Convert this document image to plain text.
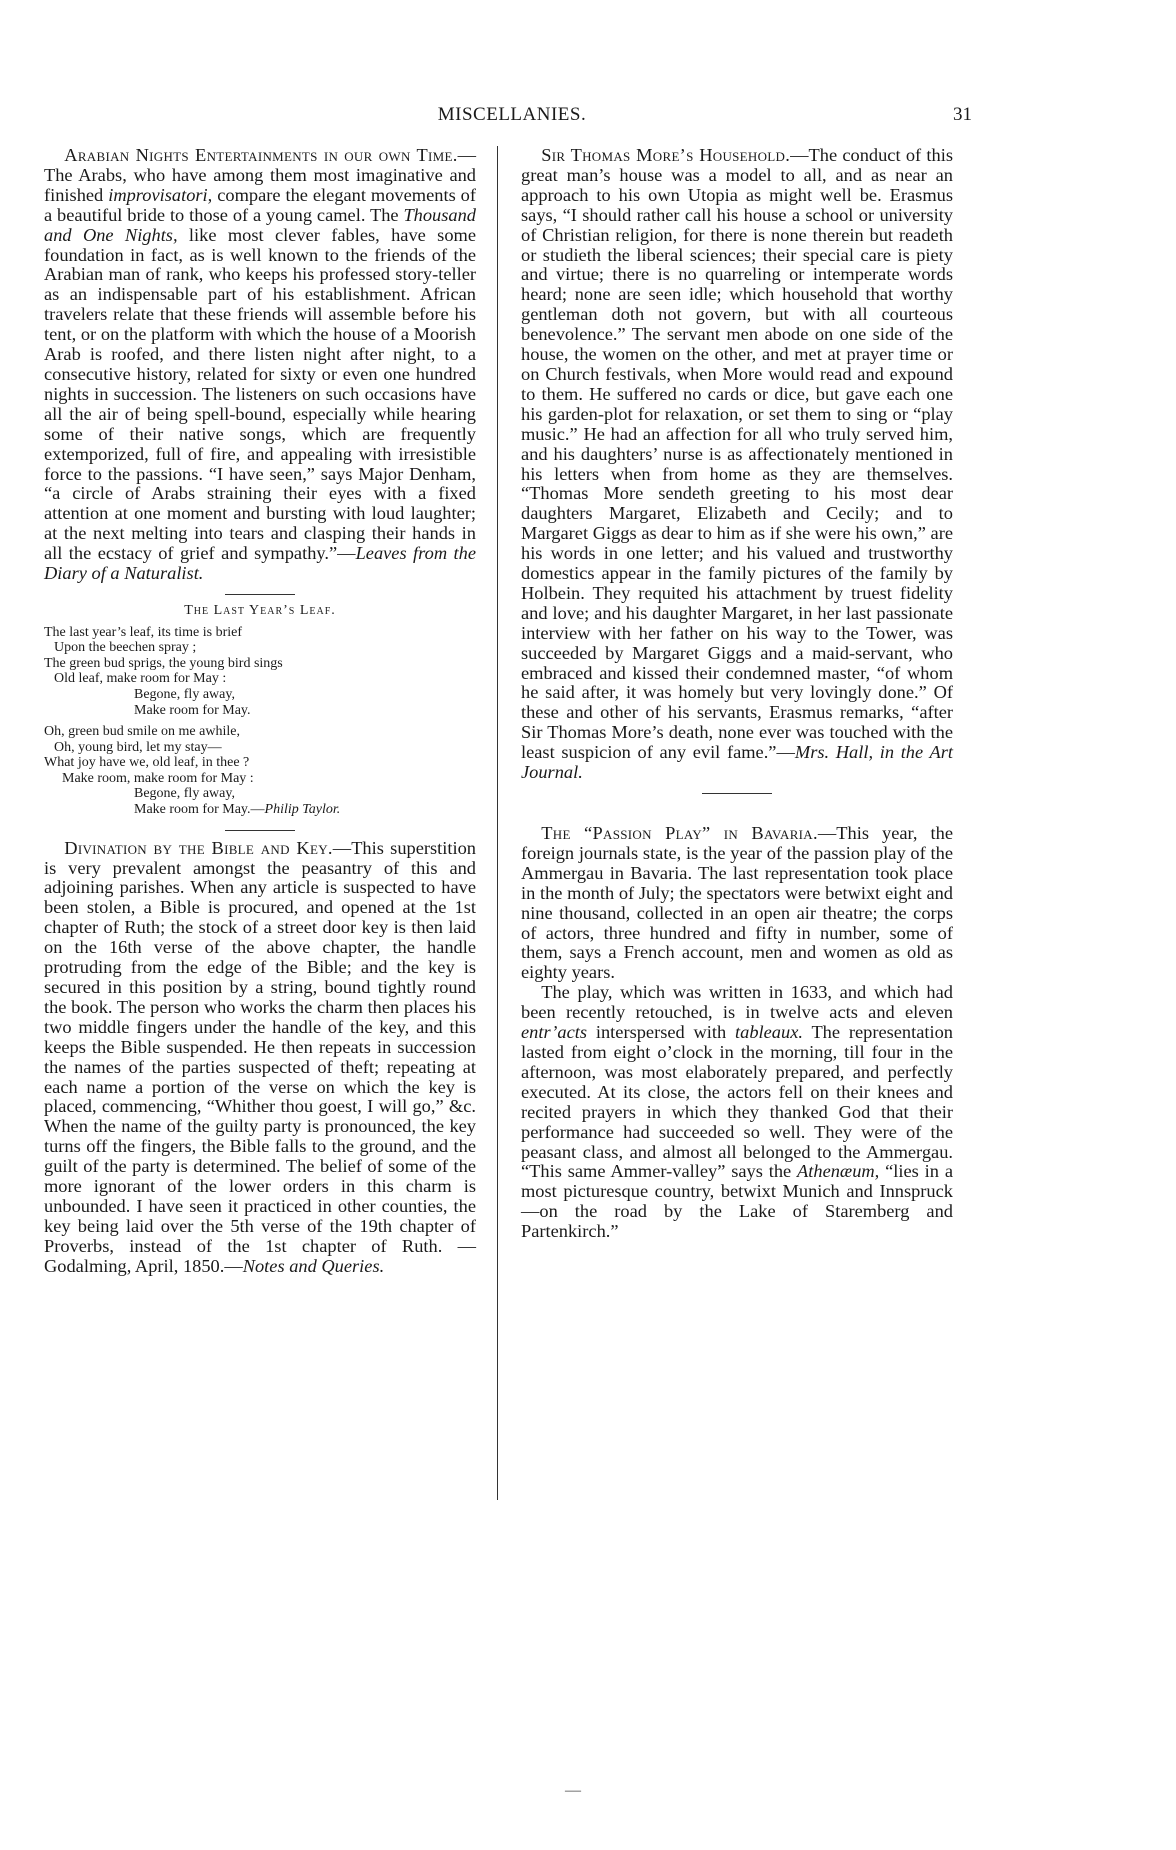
MISCELLANIES.	31

Arabian Nights Entertainments in our own Time.—The Arabs, who have among them most imaginative and finished improvisatori, compare the elegant movements of a beautiful bride to those of a young camel. The Thousand and One Nights, like most clever fables, have some foundation in fact, as is well known to the friends of the Arabian man of rank, who keeps his professed story-teller as an indispensable part of his establishment. African travelers relate that these friends will assemble before his tent, or on the platform with which the house of a Moorish Arab is roofed, and there listen night after night, to a consecutive history, related for sixty or even one hundred nights in succession. The listeners on such occasions have all the air of being spell-bound, especially while hearing some of their native songs, which are frequently extemporized, full of fire, and appealing with irresistible force to the passions. “I have seen,” says Major Denham, “a circle of Arabs straining their eyes with a fixed attention at one moment and bursting with loud laughter; at the next melting into tears and clasping their hands in all the ecstacy of grief and sympathy.”—Leaves from the Diary of a Naturalist.

The Last Year’s Leaf.
The last year’s leaf, its time is brief
Upon the beechen spray ;
The green bud sprigs, the young bird sings
Old leaf, make room for May :
Begone, fly away,
Make room for May.
Oh, green bud smile on me awhile,
Oh, young bird, let my stay—
What joy have we, old leaf, in thee ?
Make room, make room for May :
Begone, fly away,
Make room for May.—Philip Taylor.

Divination by the Bible and Key.—This superstition is very prevalent amongst the peasantry of this and adjoining parishes. When any article is suspected to have been stolen, a Bible is procured, and opened at the 1st chapter of Ruth; the stock of a street door key is then laid on the 16th verse of the above chapter, the handle protruding from the edge of the Bible; and the key is secured in this position by a string, bound tightly round the book. The person who works the charm then places his two middle fingers under the handle of the key, and this keeps the Bible suspended. He then repeats in succession the names of the parties suspected of theft; repeating at each name a portion of the verse on which the key is placed, commencing, “Whither thou goest, I will go,” &c. When the name of the guilty party is pronounced, the key turns off the fingers, the Bible falls to the ground, and the guilt of the party is determined. The belief of some of the more ignorant of the lower orders in this charm is unbounded. I have seen it practiced in other counties, the key being laid over the 5th verse of the 19th chapter of Proverbs, instead of the 1st chapter of Ruth. —Godalming, April, 1850.—Notes and Queries.

Sir Thomas More’s Household.—The conduct of this great man’s house was a model to all, and as near an approach to his own Utopia as might well be. Erasmus says, “I should rather call his house a school or university of Christian religion, for there is none therein but readeth or studieth the liberal sciences; their special care is piety and virtue; there is no quarreling or intemperate words heard; none are seen idle; which household that worthy gentleman doth not govern, but with all courteous benevolence.” The servant men abode on one side of the house, the women on the other, and met at prayer time or on Church festivals, when More would read and expound to them. He suffered no cards or dice, but gave each one his garden-plot for relaxation, or set them to sing or “play music.” He had an affection for all who truly served him, and his daughters’ nurse is as affectionately mentioned in his letters when from home as they are themselves. “Thomas More sendeth greeting to his most dear daughters Margaret, Elizabeth and Cecily; and to Margaret Giggs as dear to him as if she were his own,” are his words in one letter; and his valued and trustworthy domestics appear in the family pictures of the family by Holbein. They requited his attachment by truest fidelity and love; and his daughter Margaret, in her last passionate interview with her father on his way to the Tower, was succeeded by Margaret Giggs and a maid-servant, who embraced and kissed their condemned master, “of whom he said after, it was homely but very lovingly done.” Of these and other of his servants, Erasmus remarks, “after Sir Thomas More’s death, none ever was touched with the least suspicion of any evil fame.”—Mrs. Hall, in the Art Journal.

The “Passion Play” in Bavaria.—This year, the foreign journals state, is the year of the passion play of the Ammergau in Bavaria. The last representation took place in the month of July; the spectators were betwixt eight and nine thousand, collected in an open air theatre; the corps of actors, three hundred and fifty in number, some of them, says a French account, men and women as old as eighty years.

The play, which was written in 1633, and which had been recently retouched, is in twelve acts and eleven entr’acts interspersed with tableaux. The representation lasted from eight o’clock in the morning, till four in the afternoon, was most elaborately prepared, and perfectly executed. At its close, the actors fell on their knees and recited prayers in which they thanked God that their performance had succeeded so well. They were of the peasant class, and almost all belonged to the Ammergau. “This same Ammer-valley” says the Athenæum, “lies in a most picturesque country, betwixt Munich and Innspruck—on the road by the Lake of Staremberg and Partenkirch.”

—
